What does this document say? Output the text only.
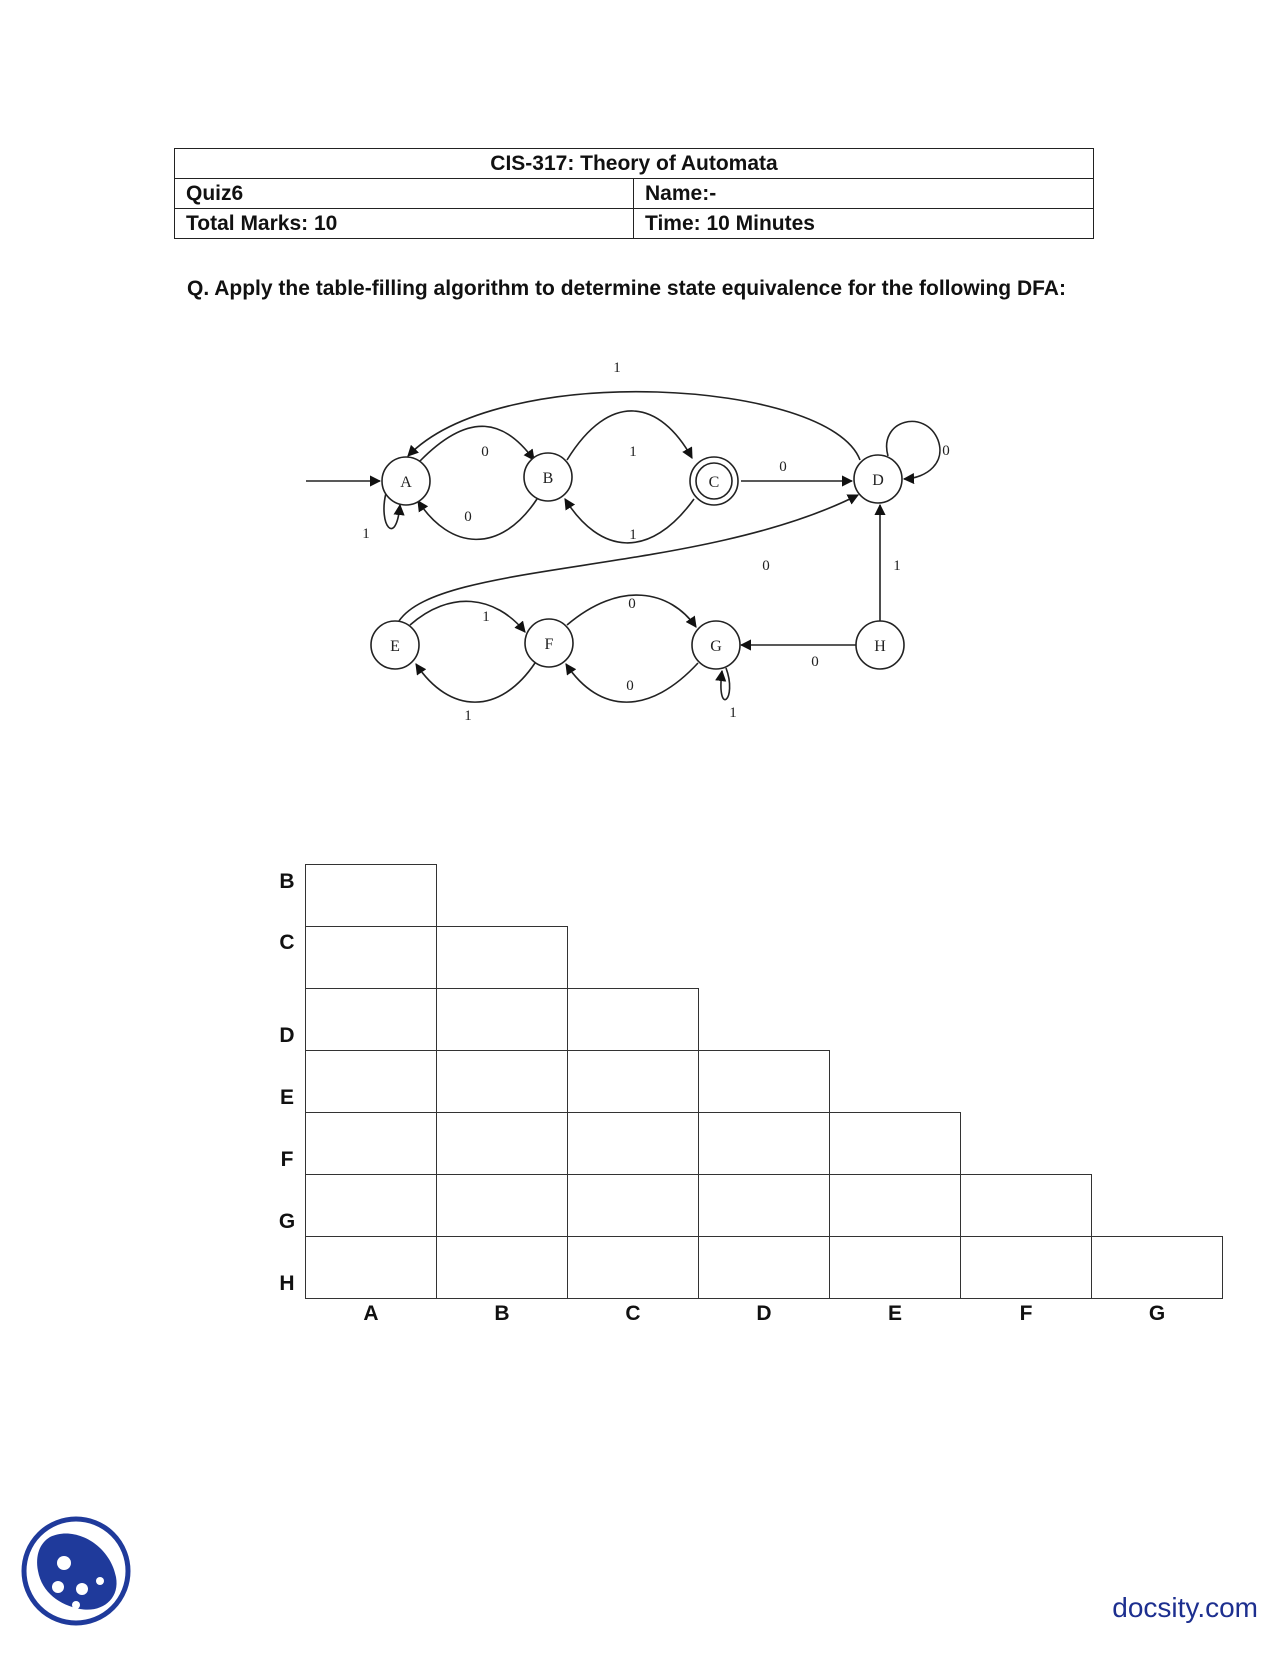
CIS-317: Theory of Automata	
Quiz6	Name:-
Total Marks: 10	Time: 10 Minutes
Q. Apply the table-filling algorithm to determine state equivalence for the following DFA:
0
1
0
1
0
1
0
1
0
1
0
1
0
1
0
1
A	B	C	D
E	F	G	H
B
C
D
E
F
G
H
A	B	C	D	E	F	G
docsity.com
